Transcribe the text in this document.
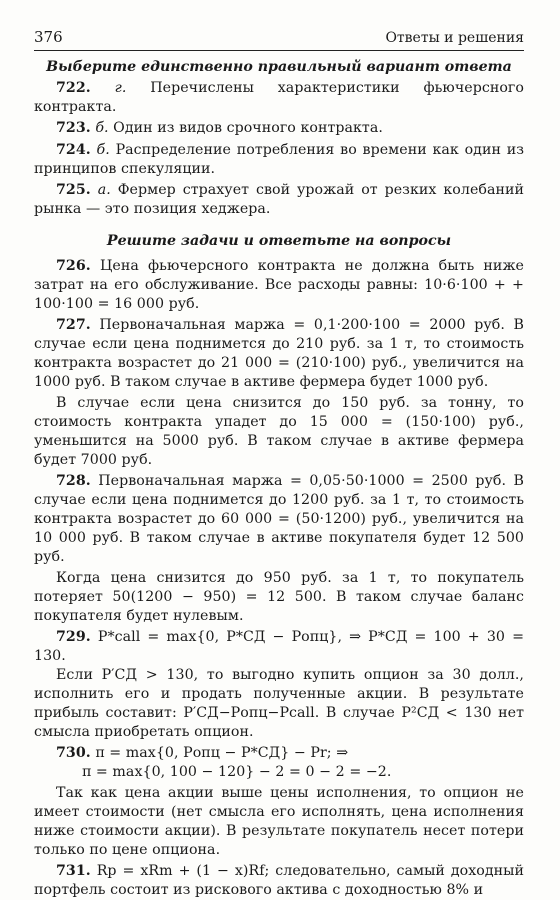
376	Ответы и решения
Выберите единственно правильный вариант ответа

722. г. Перечислены характеристики фьючерсного контракта.

723. б. Один из видов срочного контракта.

724. б. Распределение потребления во времени как один из принципов спекуляции.

725. а. Фермер страхует свой урожай от резких колебаний рынка — это позиция хеджера.

Решите задачи и ответьте на вопросы

726. Цена фьючерсного контракта не должна быть ниже затрат на его обслуживание. Все расходы равны: 10·6·100 + + 100·100 = 16 000 руб.

727. Первоначальная маржа = 0,1·200·100 = 2000 руб. В случае если цена поднимется до 210 руб. за 1 т, то стоимость контракта возрастет до 21 000 = (210·100) руб., увеличится на 1000 руб. В таком случае в активе фермера будет 1000 руб.

В случае если цена снизится до 150 руб. за тонну, то стоимость контракта упадет до 15 000 = (150·100) руб., уменьшится на 5000 руб. В таком случае в активе фермера будет 7000 руб.

728. Первоначальная маржа = 0,05·50·1000 = 2500 руб. В случае если цена поднимется до 1200 руб. за 1 т, то стоимость контракта возрастет до 60 000 = (50·1200) руб., увеличится на 10 000 руб. В таком случае в активе покупателя будет 12 500 руб.

Когда цена снизится до 950 руб. за 1 т, то покупатель потеряет 50(1200 − 950) = 12 500. В таком случае баланс покупателя будет нулевым.

729. P*call = max{0, P*СД − Pопц}, ⇒ P*СД = 100 + 30 = 130.

Если P′СД > 130, то выгодно купить опцион за 30 долл., исполнить его и продать полученные акции. В результате прибыль составит: P′СД−Pопц−Pcall. В случае P²СД < 130 нет смысла приобретать опцион.

730. π = max{0, Pопц − P*СД} − Pr; ⇒

π = max{0, 100 − 120} − 2 = 0 − 2 = −2.

Так как цена акции выше цены исполнения, то опцион не имеет стоимости (нет смысла его исполнять, цена исполнения ниже стоимости акции). В результате покупатель несет потери только по цене опциона.

731. Rp = xRm + (1 − x)Rf; следовательно, самый доходный портфель состоит из рискового актива с доходностью 8% и
